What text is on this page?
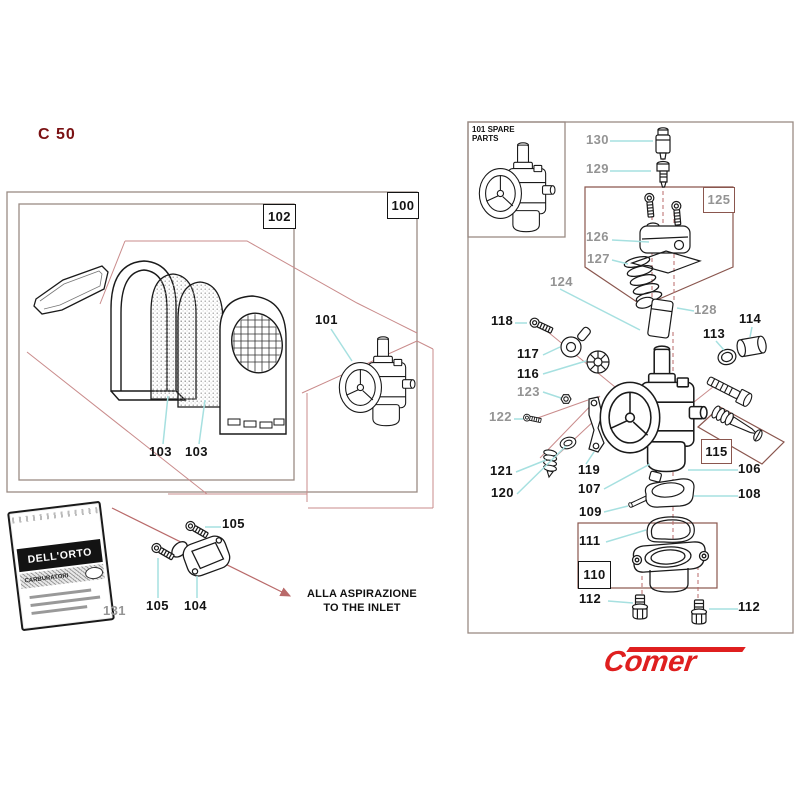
C 50
100
102
101
103 103
105
105 104
131
ALLA ASPIRAZIONE
TO THE INLET
101 SPARE
PARTS	130
129
125
126
127
124
128
118
117
116
123
122
113
114
115
121	119
120	107
106
109
108
111
110
112
112
DELL'ORTO
CARBURATORI
Comer
